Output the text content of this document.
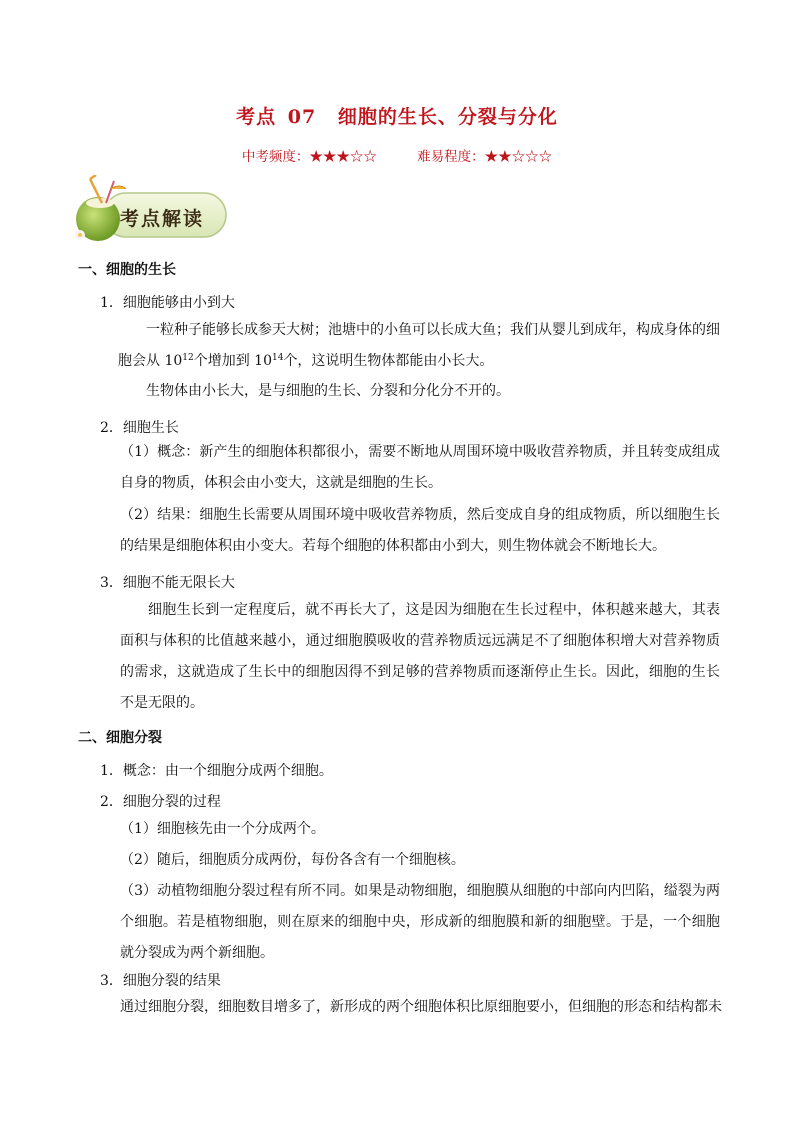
考点 07 细胞的生长、分裂与分化
中考频度：★★★☆☆	难易程度：★★☆☆☆
考点解读
一、细胞的生长
1．细胞能够由小到大
一粒种子能够长成参天大树；池塘中的小鱼可以长成大鱼；我们从婴儿到成年，构成身体的细胞会从 $10^{12}$个增加到 $10^{14}$个，这说明生物体都能由小长大。
生物体由小长大，是与细胞的生长、分裂和分化分不开的。
2．细胞生长
（1）概念：新产生的细胞体积都很小，需要不断地从周围环境中吸收营养物质，并且转变成组成自身的物质，体积会由小变大，这就是细胞的生长。
（2）结果：细胞生长需要从周围环境中吸收营养物质，然后变成自身的组成物质，所以细胞生长的结果是细胞体积由小变大。若每个细胞的体积都由小到大，则生物体就会不断地长大。
3．细胞不能无限长大
细胞生长到一定程度后，就不再长大了，这是因为细胞在生长过程中，体积越来越大，其表面积与体积的比值越来越小，通过细胞膜吸收的营养物质远远满足不了细胞体积增大对营养物质的需求，这就造成了生长中的细胞因得不到足够的营养物质而逐渐停止生长。因此，细胞的生长不是无限的。
二、细胞分裂
1．概念：由一个细胞分成两个细胞。
2．细胞分裂的过程
（1）细胞核先由一个分成两个。
（2）随后，细胞质分成两份，每份各含有一个细胞核。
（3）动植物细胞分裂过程有所不同。如果是动物细胞，细胞膜从细胞的中部向内凹陷，缢裂为两个细胞。若是植物细胞，则在原来的细胞中央，形成新的细胞膜和新的细胞壁。于是，一个细胞就分裂成为两个新细胞。
3．细胞分裂的结果
通过细胞分裂，细胞数目增多了，新形成的两个细胞体积比原细胞要小，但细胞的形态和结构都未
